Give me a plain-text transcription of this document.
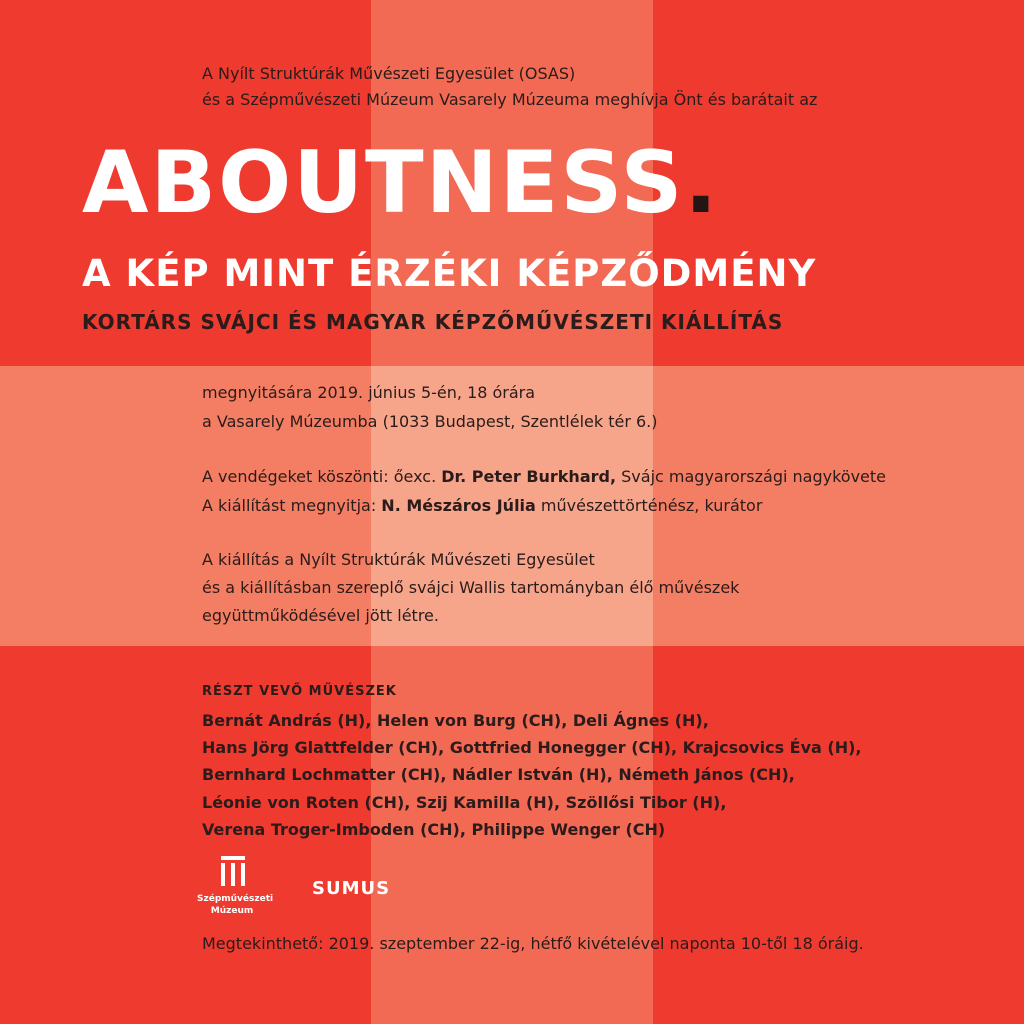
A Nyílt Struktúrák Művészeti Egyesület (OSAS)
és a Szépművészeti Múzeum Vasarely Múzeuma meghívja Önt és barátait az
ABOUTNESS.
A KÉP MINT ÉRZÉKI KÉPZŐDMÉNY
KORTÁRS SVÁJCI ÉS MAGYAR KÉPZŐMŰVÉSZETI KIÁLLÍTÁS
megnyitására 2019. június 5-én, 18 órára
a Vasarely Múzeumba (1033 Budapest, Szentlélek tér 6.)
A vendégeket köszönti: őexc. Dr. Peter Burkhard, Svájc magyarországi nagykövete
A kiállítást megnyitja: N. Mészáros Júlia művészettörténész, kurátor
A kiállítás a Nyílt Struktúrák Művészeti Egyesület
és a kiállításban szereplő svájci Wallis tartományban élő művészek
együttműködésével jött létre.
RÉSZT VEVŐ MŰVÉSZEK
Bernát András (H), Helen von Burg (CH), Deli Ágnes (H),
Hans Jörg Glattfelder (CH), Gottfried Honegger (CH), Krajcsovics Éva (H),
Bernhard Lochmatter (CH), Nádler István (H), Németh János (CH),
Léonie von Roten (CH), Szij Kamilla (H), Szöllősi Tibor (H),
Verena Troger-Imboden (CH), Philippe Wenger (CH)
Szépművészeti
Múzeum
SUMUS
Megtekinthető: 2019. szeptember 22-ig, hétfő kivételével naponta 10-től 18 óráig.
